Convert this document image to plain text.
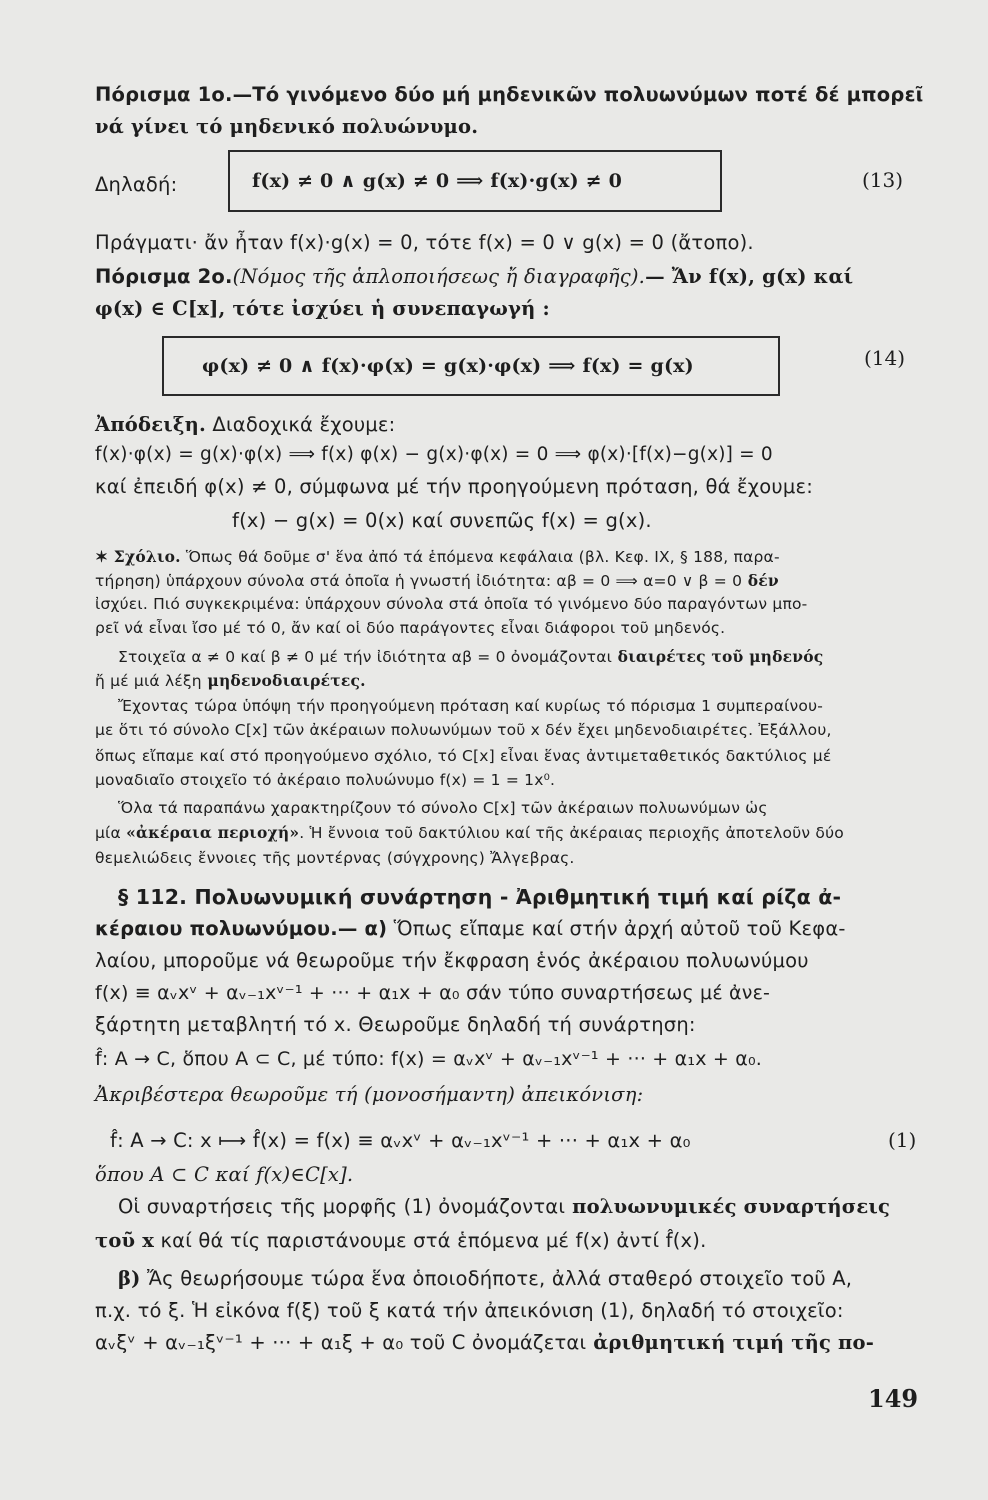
Πόρισμα 1ο.—Τό γινόμενο δύο μή μηδενικῶν πολυωνύμων ποτέ δέ μπορεῖ
νά γίνει τό μηδενικό πολυώνυμο.
Δηλαδή:	f(x) ≠ 0 ∧ g(x) ≠ 0 ⟹ f(x)·g(x) ≠ 0	(13)
Πράγματι· ἄν ἦταν f(x)·g(x) = 0, τότε f(x) = 0 ∨ g(x) = 0 (ἄτοπο).
Πόρισμα 2ο.(Νόμος τῆς ἁπλοποιήσεως ἤ διαγραφῆς).— Ἄν f(x), g(x) καί
φ(x) ∈ C[x], τότε ἰσχύει ἡ συνεπαγωγή :
φ(x) ≠ 0 ∧ f(x)·φ(x) = g(x)·φ(x) ⟹ f(x) = g(x)	(14)
Ἀπόδειξη. Διαδοχικά ἔχουμε:
f(x)·φ(x) = g(x)·φ(x) ⟹ f(x) φ(x) − g(x)·φ(x) = 0 ⟹ φ(x)·[f(x)−g(x)] = 0
καί ἐπειδή φ(x) ≠ 0, σύμφωνα μέ τήν προηγούμενη πρόταση, θά ἔχουμε:
f(x) − g(x) = 0(x) καί συνεπῶς f(x) = g(x).
✶ Σχόλιο. Ὅπως θά δοῦμε σ' ἕνα ἀπό τά ἑπόμενα κεφάλαια (βλ. Κεφ. IX, § 188, παρα-
τήρηση) ὑπάρχουν σύνολα στά ὁποῖα ἡ γνωστή ἰδιότητα: αβ = 0 ⟹ α=0 ∨ β = 0 δέν
ἰσχύει. Πιό συγκεκριμένα: ὑπάρχουν σύνολα στά ὁποῖα τό γινόμενο δύο παραγόντων μπο-
ρεῖ νά εἶναι ἴσο μέ τό 0, ἄν καί οἱ δύο παράγοντες εἶναι διάφοροι τοῦ μηδενός.
Στοιχεῖα α ≠ 0 καί β ≠ 0 μέ τήν ἰδιότητα αβ = 0 ὀνομάζονται διαιρέτες τοῦ μηδενός
ἤ μέ μιά λέξη μηδενοδιαιρέτες.
Ἔχοντας τώρα ὑπόψη τήν προηγούμενη πρόταση καί κυρίως τό πόρισμα 1 συμπεραίνου-
με ὅτι τό σύνολο C[x] τῶν ἀκέραιων πολυωνύμων τοῦ x δέν ἔχει μηδενοδιαιρέτες. Ἐξάλλου,
ὅπως εἴπαμε καί στό προηγούμενο σχόλιο, τό C[x] εἶναι ἕνας ἀντιμεταθετικός δακτύλιος μέ
μοναδιαῖο στοιχεῖο τό ἀκέραιο πολυώνυμο f(x) = 1 = 1x⁰.
Ὅλα τά παραπάνω χαρακτηρίζουν τό σύνολο C[x] τῶν ἀκέραιων πολυωνύμων ὡς
μία «ἀκέραια περιοχή». Ἡ ἔννοια τοῦ δακτύλιου καί τῆς ἀκέραιας περιοχῆς ἀποτελοῦν δύο
θεμελιώδεις ἔννοιες τῆς μοντέρνας (σύγχρονης) Ἄλγεβρας.
§ 112. Πολυωνυμική συνάρτηση - Ἀριθμητική τιμή καί ρίζα ἀ-
κέραιου πολυωνύμου.— α) Ὅπως εἴπαμε καί στήν ἀρχή αὐτοῦ τοῦ Κεφα-
λαίου, μποροῦμε νά θεωροῦμε τήν ἔκφραση ἑνός ἀκέραιου πολυωνύμου
f(x) ≡ αᵥxᵛ + αᵥ₋₁xᵛ⁻¹ + ··· + α₁x + α₀ σάν τύπο συναρτήσεως μέ ἀνε-
ξάρτητη μεταβλητή τό x. Θεωροῦμε δηλαδή τή συνάρτηση:
f̂: A → C, ὅπου A ⊂ C, μέ τύπο: f(x) = αᵥxᵛ + αᵥ₋₁xᵛ⁻¹ + ··· + α₁x + α₀.
Ἀκριβέστερα θεωροῦμε τή (μονοσήμαντη) ἀπεικόνιση:
f̂: A → C: x ⟼ f̂(x) = f(x) ≡ αᵥxᵛ + αᵥ₋₁xᵛ⁻¹ + ··· + α₁x + α₀	(1)
ὅπου A ⊂ C καί f(x)∈C[x].
Οἱ συναρτήσεις τῆς μορφῆς (1) ὀνομάζονται πολυωνυμικές συναρτήσεις
τοῦ x καί θά τίς παριστάνουμε στά ἑπόμενα μέ f(x) ἀντί f̂(x).
β) Ἄς θεωρήσουμε τώρα ἕνα ὁποιοδήποτε, ἀλλά σταθερό στοιχεῖο τοῦ A,
π.χ. τό ξ. Ἡ εἰκόνα f(ξ) τοῦ ξ κατά τήν ἀπεικόνιση (1), δηλαδή τό στοιχεῖο:
αᵥξᵛ + αᵥ₋₁ξᵛ⁻¹ + ··· + α₁ξ + α₀ τοῦ C ὀνομάζεται ἀριθμητική τιμή τῆς πο-
149
